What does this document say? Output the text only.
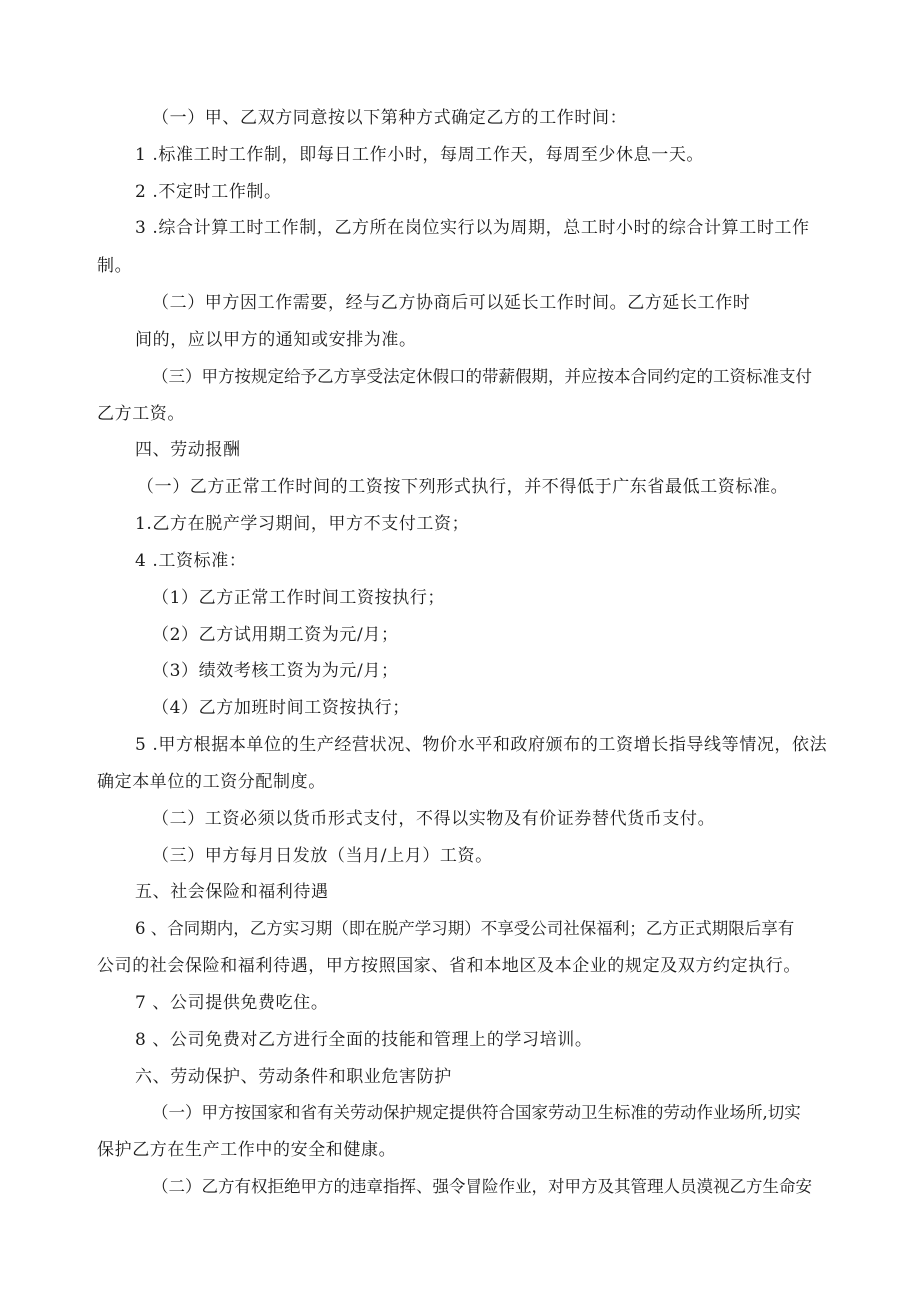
（一）甲、乙双方同意按以下第种方式确定乙方的工作时间：
1 .标准工时工作制，即每日工作小时，每周工作天，每周至少休息一天。
2 .不定时工作制。
3 .综合计算工时工作制，乙方所在岗位实行以为周期，总工时小时的综合计算工时工作
制。
（二）甲方因工作需要，经与乙方协商后可以延长工作时间。乙方延长工作时
间的，应以甲方的通知或安排为准。
（三）甲方按规定给予乙方享受法定休假口的带薪假期，并应按本合同约定的工资标准支付
乙方工资。
四、劳动报酬
（一）乙方正常工作时间的工资按下列形式执行，并不得低于广东省最低工资标准。
1.乙方在脱产学习期间，甲方不支付工资；
4 .工资标准：
（1）乙方正常工作时间工资按执行；
（2）乙方试用期工资为元/月；
（3）绩效考核工资为为元/月；
（4）乙方加班时间工资按执行；
5 .甲方根据本单位的生产经营状况、物价水平和政府颁布的工资增长指导线等情况，依法
确定本单位的工资分配制度。
（二）工资必须以货币形式支付，不得以实物及有价证券替代货币支付。
（三）甲方每月日发放（当月/上月）工资。
五、社会保险和福利待遇
6 、合同期内，乙方实习期（即在脱产学习期）不享受公司社保福利；乙方正式期限后享有
公司的社会保险和福利待遇，甲方按照国家、省和本地区及本企业的规定及双方约定执行。
7 、公司提供免费吃住。
8 、公司免费对乙方进行全面的技能和管理上的学习培训。
六、劳动保护、劳动条件和职业危害防护
（一）甲方按国家和省有关劳动保护规定提供符合国家劳动卫生标准的劳动作业场所,切实
保护乙方在生产工作中的安全和健康。
（二）乙方有权拒绝甲方的违章指挥、强令冒险作业，对甲方及其管理人员漠视乙方生命安
